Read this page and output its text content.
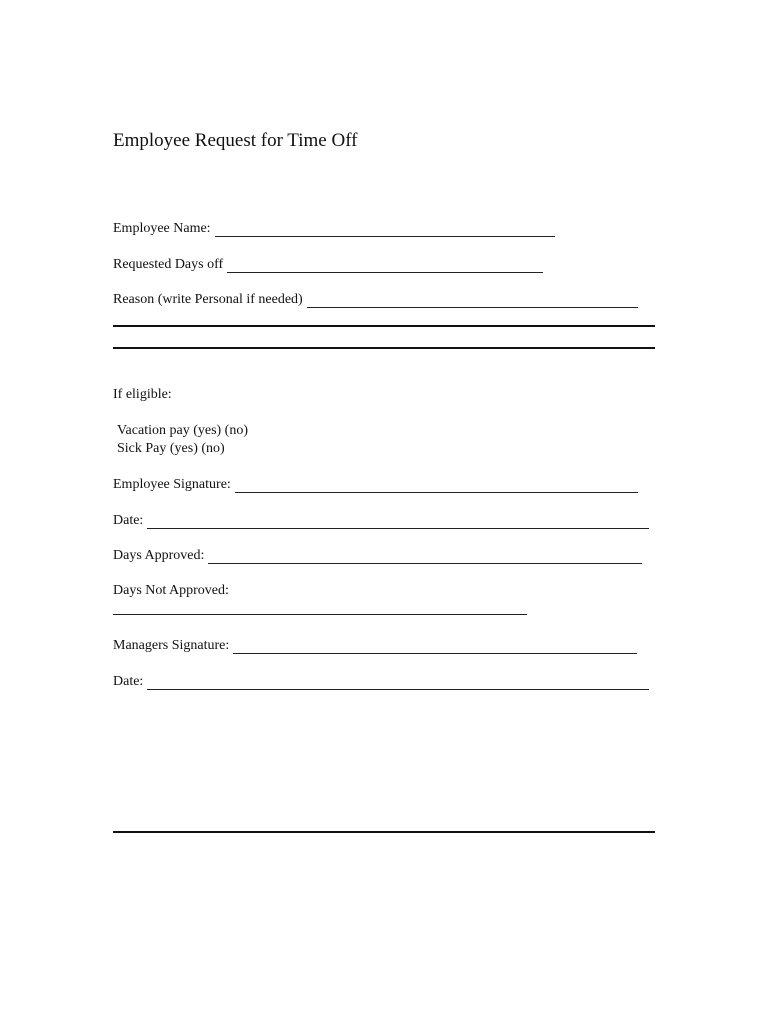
Employee Request for Time Off
Employee Name:
Requested Days off
Reason (write Personal if needed)
If eligible:
Vacation pay (yes) (no)
Sick Pay (yes) (no)
Employee Signature:
Date:
Days Approved:
Days Not Approved:
Managers Signature:
Date:
